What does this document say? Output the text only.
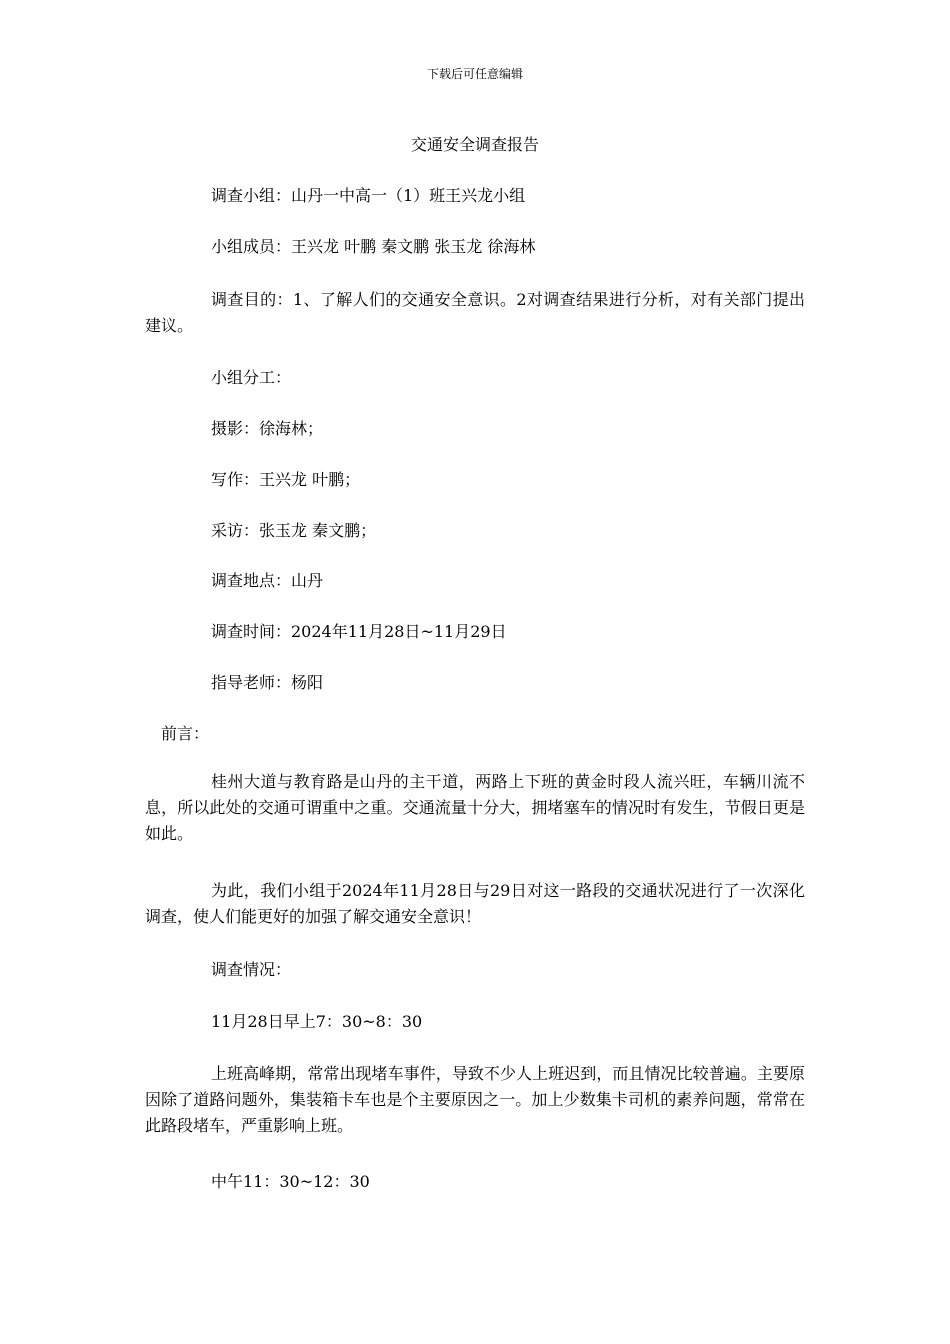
下载后可任意编辑
交通安全调查报告
调查小组：山丹一中高一（1）班王兴龙小组
小组成员：王兴龙 叶鹏 秦文鹏 张玉龙 徐海林
调查目的：1、了解人们的交通安全意识。2对调查结果进行分析，对有关部门提出建议。
小组分工：
摄影：徐海林；
写作：王兴龙 叶鹏；
采访：张玉龙 秦文鹏；
调查地点：山丹
调查时间：2024年11月28日~11月29日
指导老师：杨阳
前言：
桂州大道与教育路是山丹的主干道，两路上下班的黄金时段人流兴旺，车辆川流不息，所以此处的交通可谓重中之重。交通流量十分大，拥堵塞车的情况时有发生，节假日更是如此。
为此，我们小组于2024年11月28日与29日对这一路段的交通状况进行了一次深化调查，使人们能更好的加强了解交通安全意识！
调查情况：
11月28日早上7：30~8：30
上班高峰期，常常出现堵车事件，导致不少人上班迟到，而且情况比较普遍。主要原因除了道路问题外，集装箱卡车也是个主要原因之一。加上少数集卡司机的素养问题，常常在此路段堵车，严重影响上班。
中午11：30~12：30
